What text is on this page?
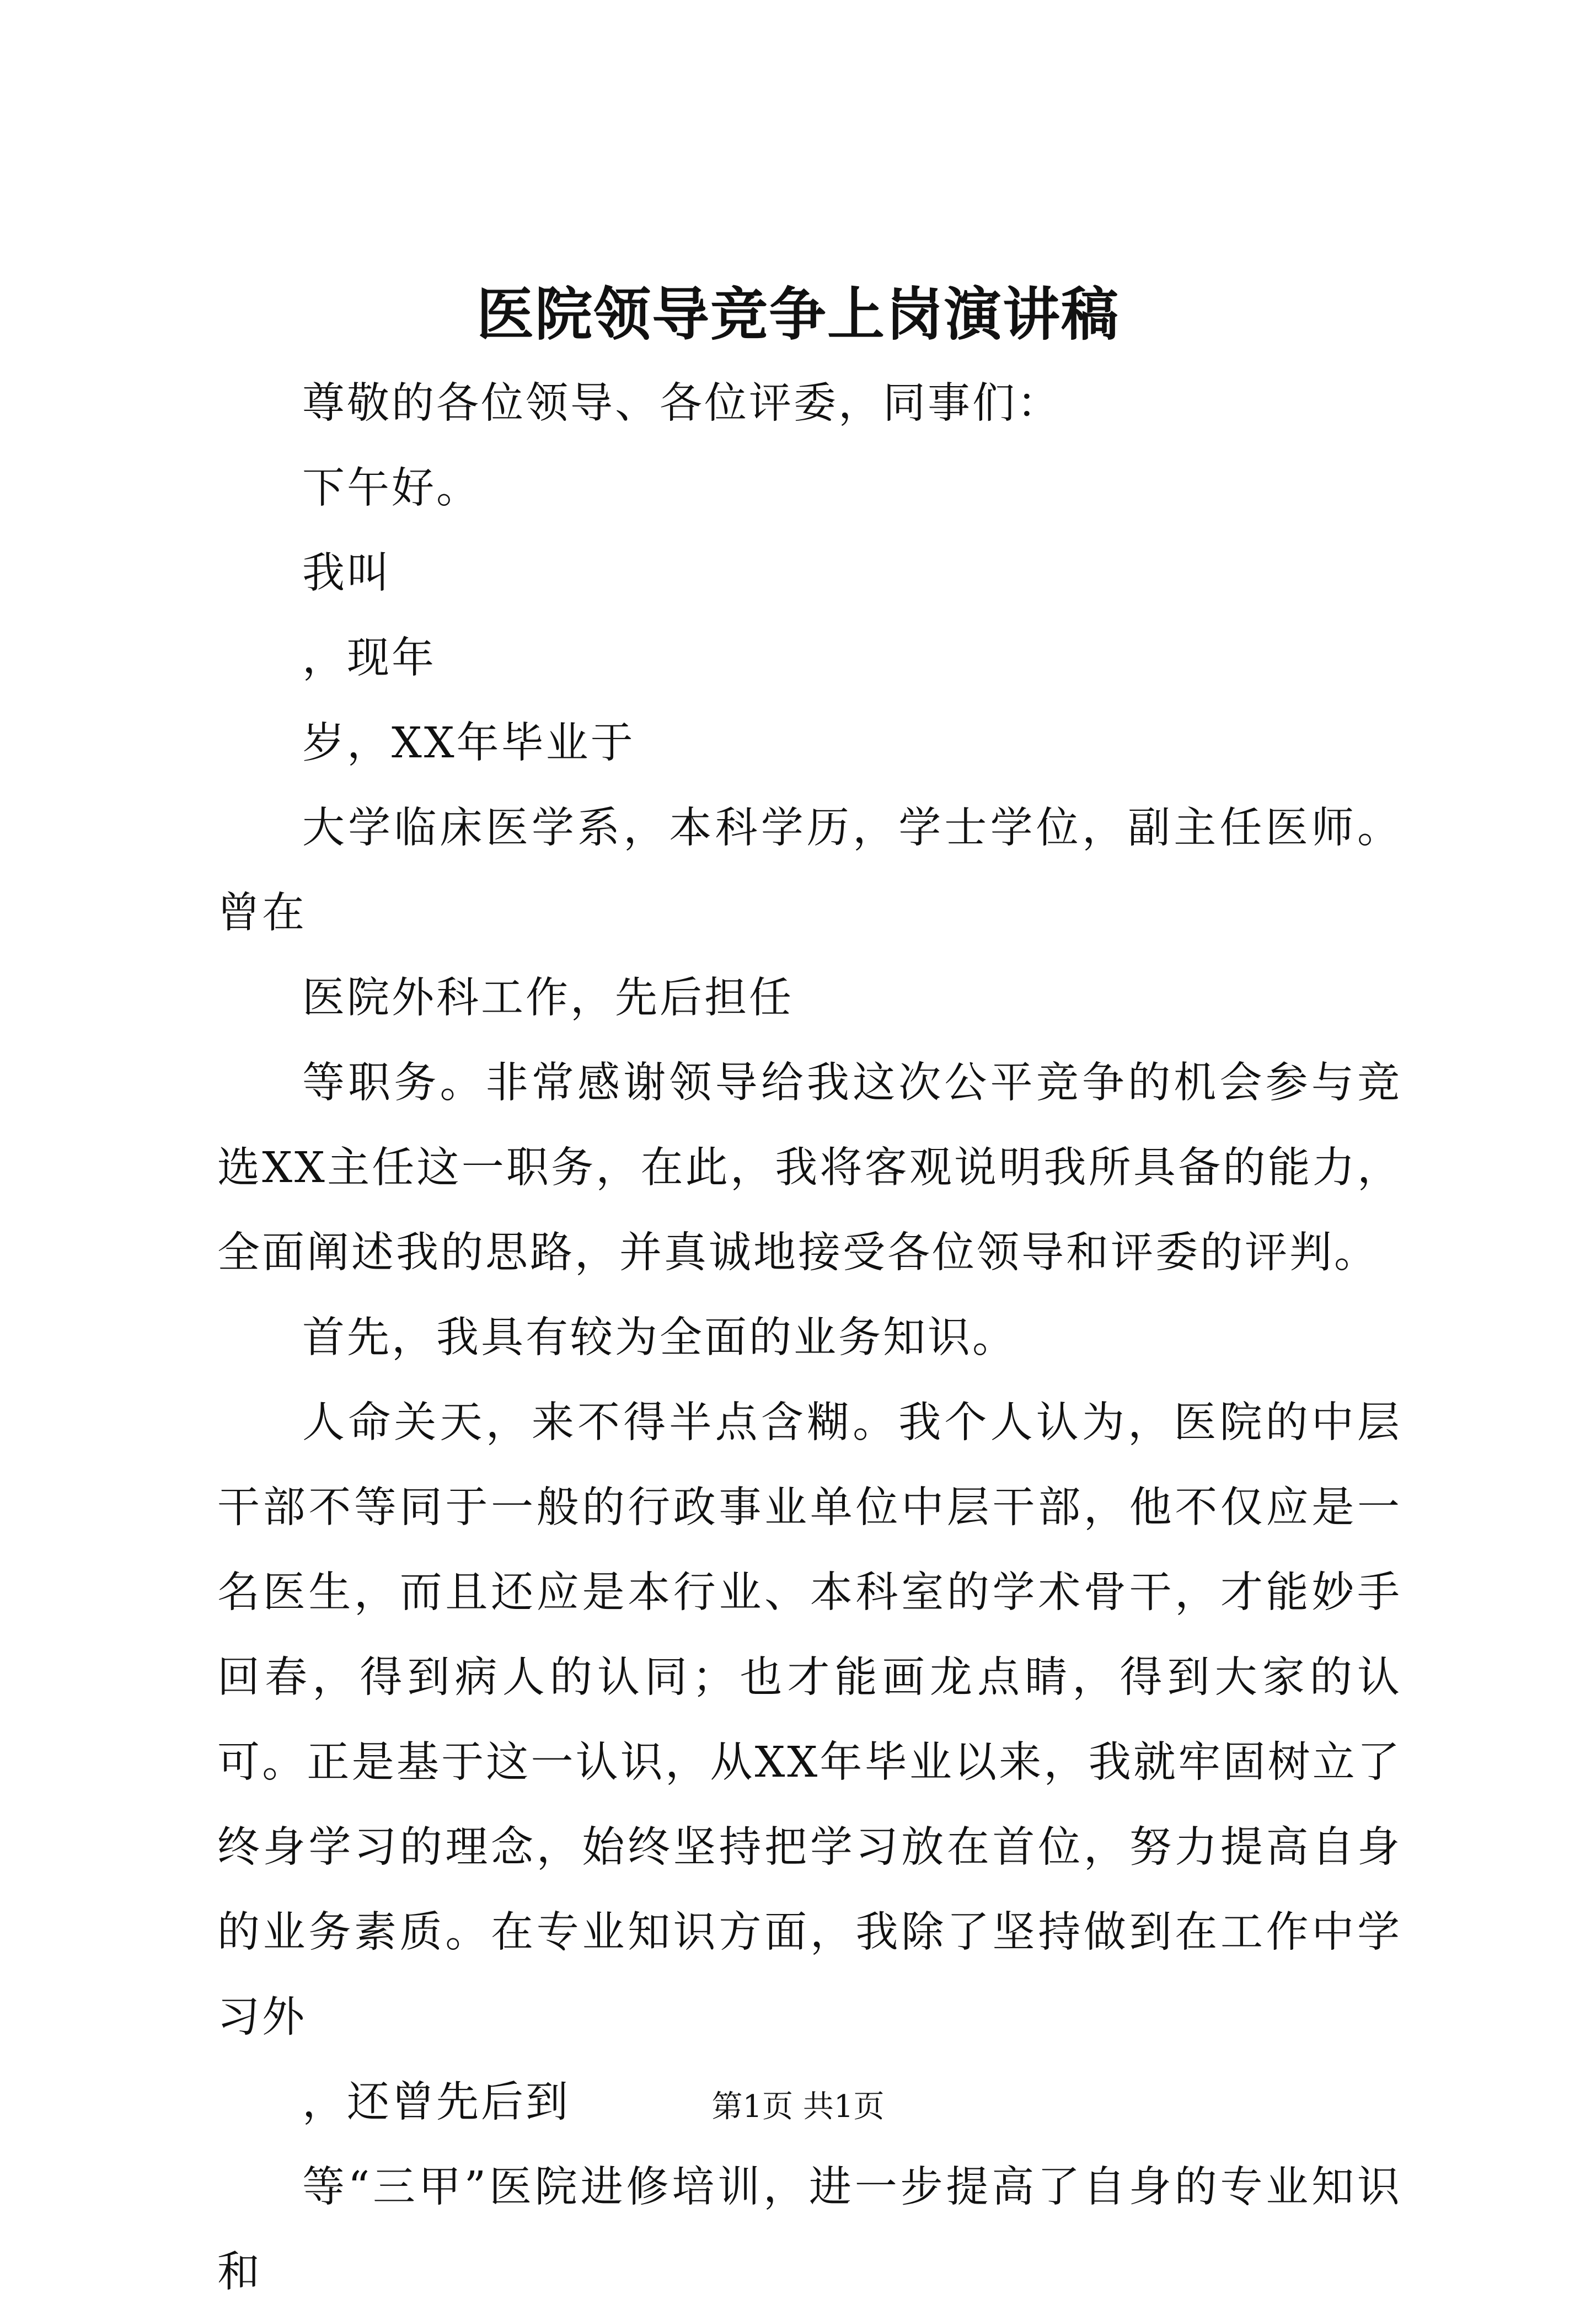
医院领导竞争上岗演讲稿

尊敬的各位领导、各位评委，同事们：

下午好。

我叫

，现年

岁，XX年毕业于

大学临床医学系，本科学历，学士学位，副主任医师。曾在

医院外科工作，先后担任

等职务。非常感谢领导给我这次公平竞争的机会参与竞选XX主任这一职务，在此，我将客观说明我所具备的能力，全面阐述我的思路，并真诚地接受各位领导和评委的评判。

首先，我具有较为全面的业务知识。

人命关天，来不得半点含糊。我个人认为，医院的中层干部不等同于一般的行政事业单位中层干部，他不仅应是一名医生，而且还应是本行业、本科室的学术骨干，才能妙手回春，得到病人的认同；也才能画龙点睛，得到大家的认可。正是基于这一认识，从XX年毕业以来，我就牢固树立了终身学习的理念，始终坚持把学习放在首位，努力提高自身的业务素质。在专业知识方面，我除了坚持做到在工作中学习外

，还曾先后到

等“三甲”医院进修培训，进一步提高了自身的专业知识和

第1页 共1页
